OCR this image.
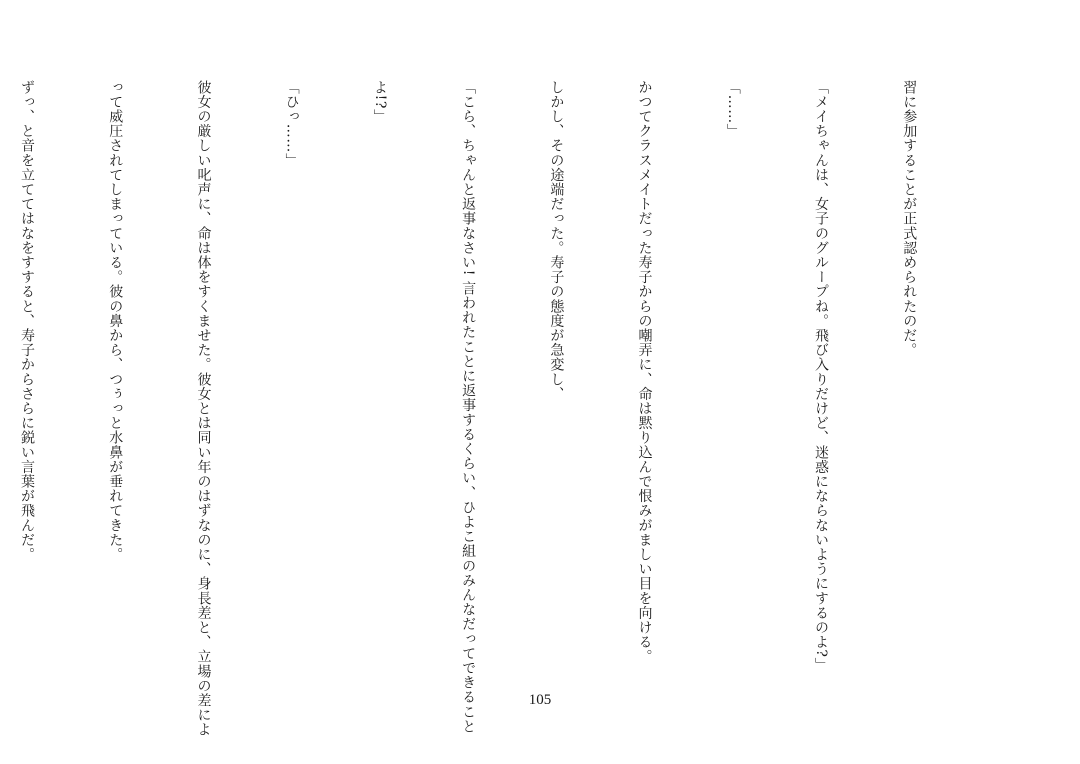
習に参加することが正式認められたのだ。

「メイちゃんは、女子のグループね。飛び入りだけど、迷惑にならないようにするのよ?」

「……」

かつてクラスメイトだった寿子からの嘲弄に、命は黙り込んで恨みがましい目を向ける。

しかし、その途端だった。寿子の態度が急変し、

「こら、ちゃんと返事なさい! 言われたことに返事するくらい、ひよこ組のみんなだってできること

よ!?」

「ひっ……」

彼女の厳しい叱声に、命は体をすくませた。彼女とは同い年のはずなのに、身長差と、立場の差によ

って威圧されてしまっている。彼の鼻から、つぅっと水鼻が垂れてきた。

ずっ、と音を立ててはなをすすると、寿子からさらに鋭い言葉が飛んだ。

105
